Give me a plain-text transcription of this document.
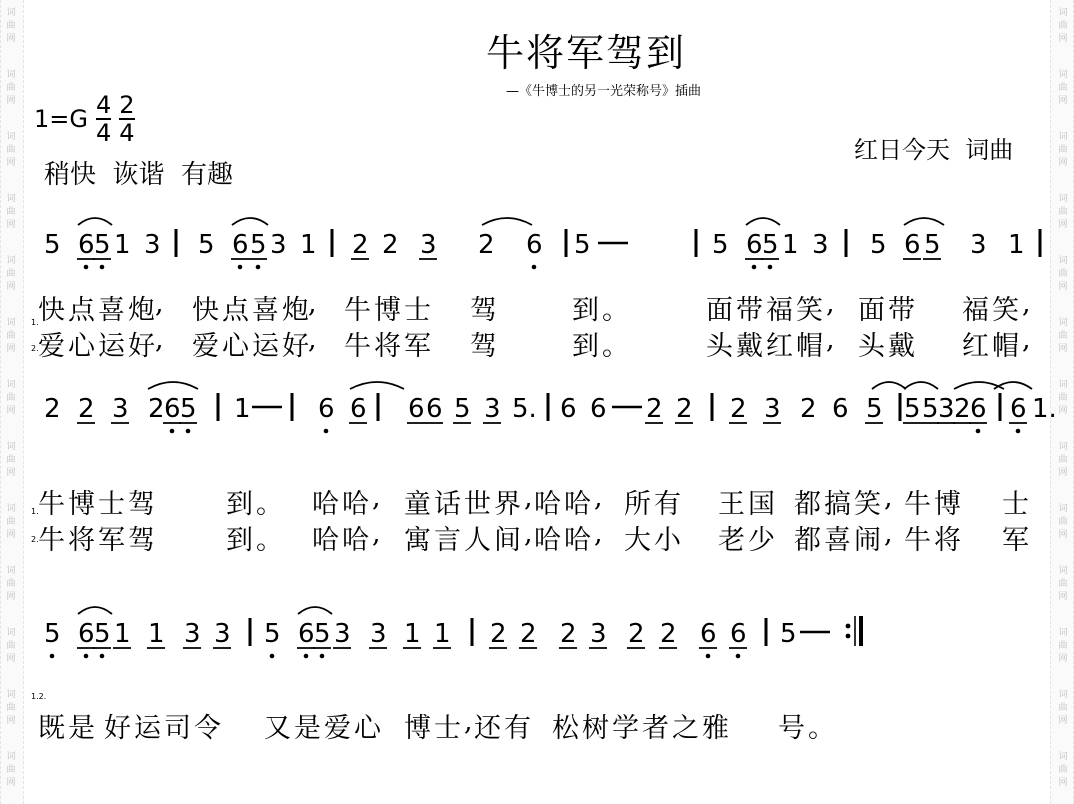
词
曲
网
词
曲
网
词
曲
网
词
曲
网
词
曲
网
词
曲
网
词
曲
网
词
曲
网
词
曲
网
词
曲
网
词
曲
网
词
曲
网
词
曲
网
词
曲
网
词
曲
网
词
曲
网
词
曲
网
词
曲
网
词
曲
网
词
曲
网
词
曲
网
词
曲
网
词
曲
网
词
曲
网
词
曲
网
词
曲
网
牛将军驾到
—《牛博士的另一光荣称号》插曲
$1=G \frac{4}{4} \frac{2}{4}$
稍快  诙谐  有趣
红日今天  词曲
5 6 5 1 3 5 6 5 3 1 2 2 3 2 6 5	5 6 5 1 3 5 6 5 3 1
2 2 3 2 6 5 1	6 6 6 6 5 3 5. 6 6 2 2 2 3 2 6 5 5 5 3 2 6 6 1.
5 6 5 1 1 3 3 5 6 5 3 3 1 1 2 2 2 3 2 2 6 6 5
快 点 喜 炮 , 快 点 喜 炮 , 牛 博 士 驾	到 。	面 带 福 笑 , 面 带 福 笑 ,
爱 心 运 好 , 爱 心 运 好 , 牛 将 军 驾	到 。	头 戴 红 帽 , 头 戴 红 帽 ,
牛 博 士 驾	到 。 哈 哈 , 童 话 世 界 , 哈 哈 , 所 有 王 国 都 搞 笑 , 牛 博 士
牛 将 军 驾	到 。 哈 哈 , 寓 言 人 间 , 哈 哈 , 大 小 老 少 都 喜 闹 , 牛 将 军
既 是 好 运 司 令 又 是 爱 心 博 士 , 还 有 松 树 学 者 之 雅 号 。
1.
2.
1.
2.
1.2.
